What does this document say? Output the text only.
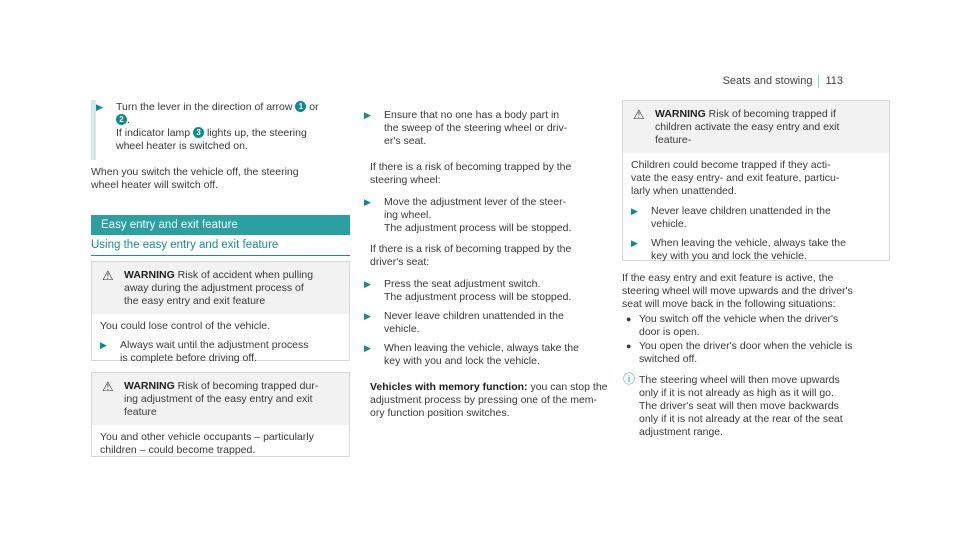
Seats and stowing 113
▶ Turn the lever in the direction of arrow 1 or
2 .
If indicator lamp 3 lights up, the steering
wheel heater is switched on.
When you switch the vehicle off, the steering
wheel heater will switch off.
Easy entry and exit feature
Using the easy entry and exit feature
⚠ WARNING Risk of accident when pulling
away during the adjustment process of
the easy entry and exit feature
You could lose control of the vehicle.
▶ Always wait until the adjustment process
is complete before driving off.
⚠ WARNING Risk of becoming trapped dur-
ing adjustment of the easy entry and exit
feature
You and other vehicle occupants – particularly
children – could become trapped.
▶ Ensure that no one has a body part in
the sweep of the steering wheel or driv-
er's seat.
If there is a risk of becoming trapped by the
steering wheel:
▶ Move the adjustment lever of the steer-
ing wheel.
The adjustment process will be stopped.
If there is a risk of becoming trapped by the
driver's seat:
▶ Press the seat adjustment switch.
The adjustment process will be stopped.
▶ Never leave children unattended in the
vehicle.
▶ When leaving the vehicle, always take the
key with you and lock the vehicle.
Vehicles with memory function: you can stop the
adjustment process by pressing one of the mem-
ory function position switches.
⚠ WARNING Risk of becoming trapped if
children activate the easy entry and exit
feature-
Children could become trapped if they acti-
vate the easy entry- and exit feature, particu-
larly when unattended.
▶ Never leave children unattended in the
vehicle.
▶ When leaving the vehicle, always take the
key with you and lock the vehicle.
If the easy entry and exit feature is active, the
steering wheel will move upwards and the driver's
seat will move back in the following situations:
● You switch off the vehicle when the driver's
door is open.
● You open the driver's door when the vehicle is
switched off.
ⓘ The steering wheel will then move upwards
only if it is not already as high as it will go.
The driver's seat will then move backwards
only if it is not already at the rear of the seat
adjustment range.
